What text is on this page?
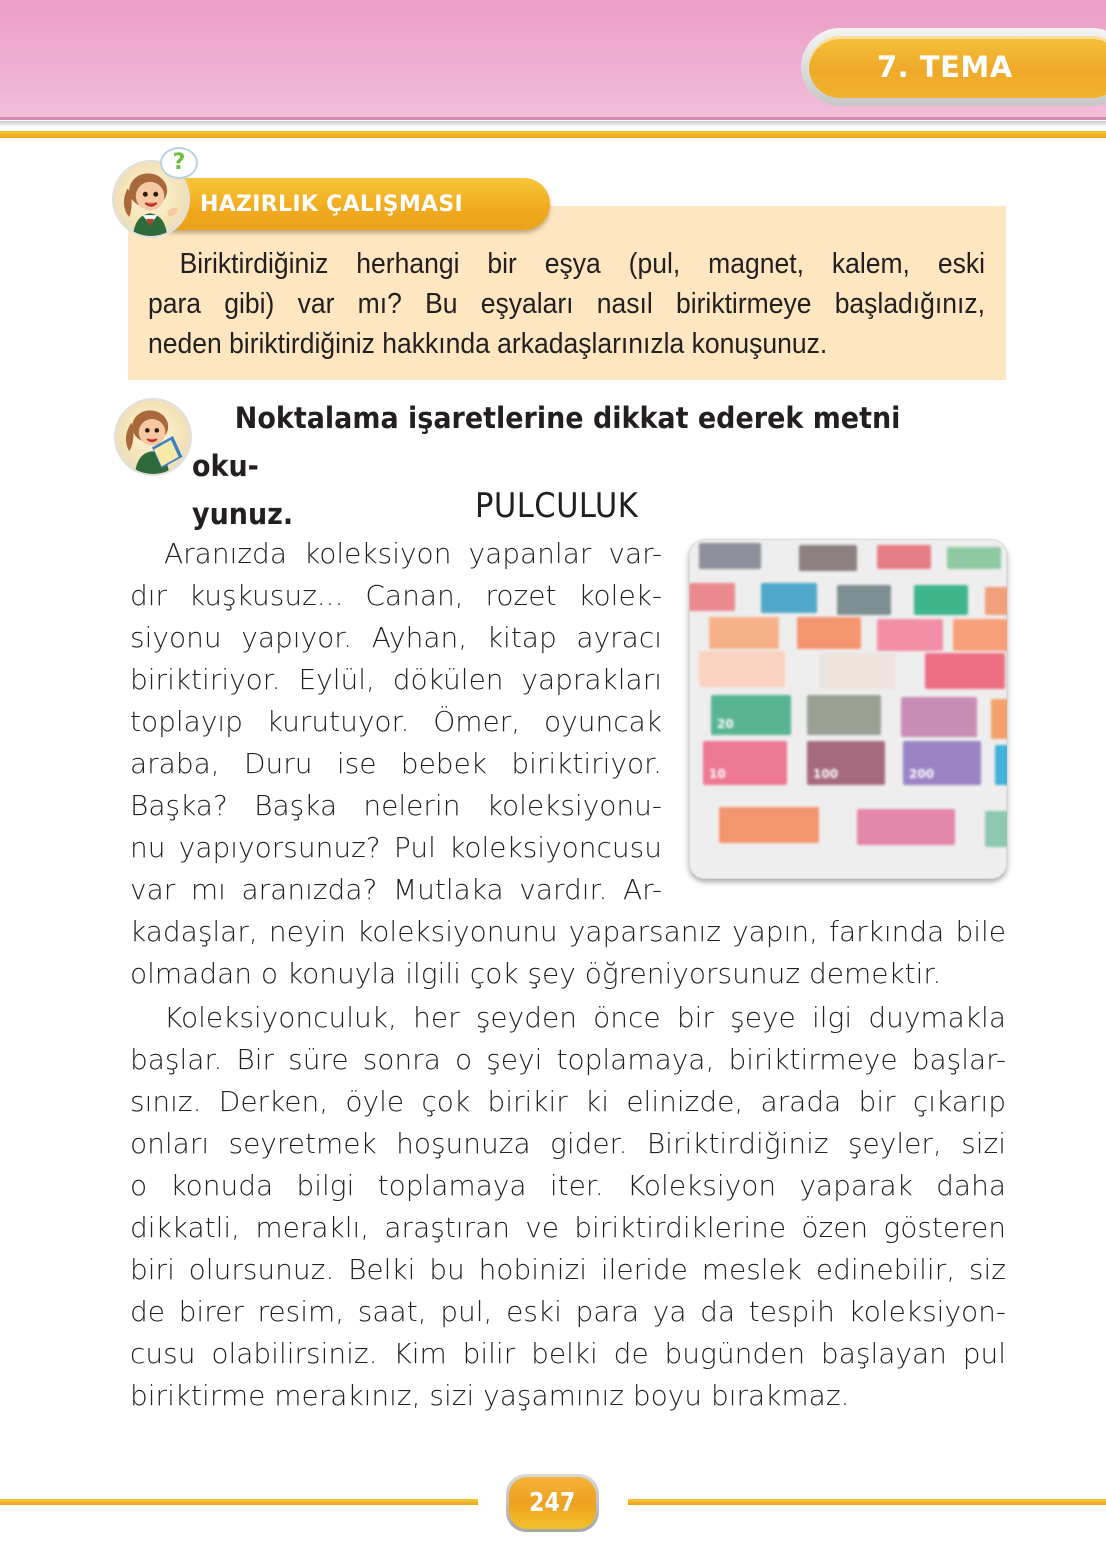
7. TEMA
HAZIRLIK ÇALIŞMASI
?
Biriktirdiğiniz herhangi bir eşya (pul, magnet, kalem, eski
para gibi) var mı? Bu eşyaları nasıl biriktirmeye başladığınız,
neden biriktirdiğiniz hakkında arkadaşlarınızla konuşunuz.
Noktalama işaretlerine dikkat ederek metni oku-
yunuz.	PULCULUK
Aranızda koleksiyon yapanlar var-
dır kuşkusuz... Canan, rozet kolek-
siyonu yapıyor. Ayhan, kitap ayracı
biriktiriyor. Eylül, dökülen yaprakları
toplayıp kurutuyor. Ömer, oyuncak
araba, Duru ise bebek biriktiriyor.
Başka? Başka nelerin koleksiyonu-
nu yapıyorsunuz? Pul koleksiyoncusu
var mı aranızda? Mutlaka vardır. Ar-
20
10	100	200
kadaşlar, neyin koleksiyonunu yaparsanız yapın, farkında bile
olmadan o konuyla ilgili çok şey öğreniyorsunuz demektir.
Koleksiyonculuk, her şeyden önce bir şeye ilgi duymakla
başlar. Bir süre sonra o şeyi toplamaya, biriktirmeye başlar-
sınız. Derken, öyle çok birikir ki elinizde, arada bir çıkarıp
onları seyretmek hoşunuza gider. Biriktirdiğiniz şeyler, sizi
o konuda bilgi toplamaya iter. Koleksiyon yaparak daha
dikkatli, meraklı, araştıran ve biriktirdiklerine özen gösteren
biri olursunuz. Belki bu hobinizi ileride meslek edinebilir, siz
de birer resim, saat, pul, eski para ya da tespih koleksiyon-
cusu olabilirsiniz. Kim bilir belki de bugünden başlayan pul
biriktirme merakınız, sizi yaşamınız boyu bırakmaz.
247
